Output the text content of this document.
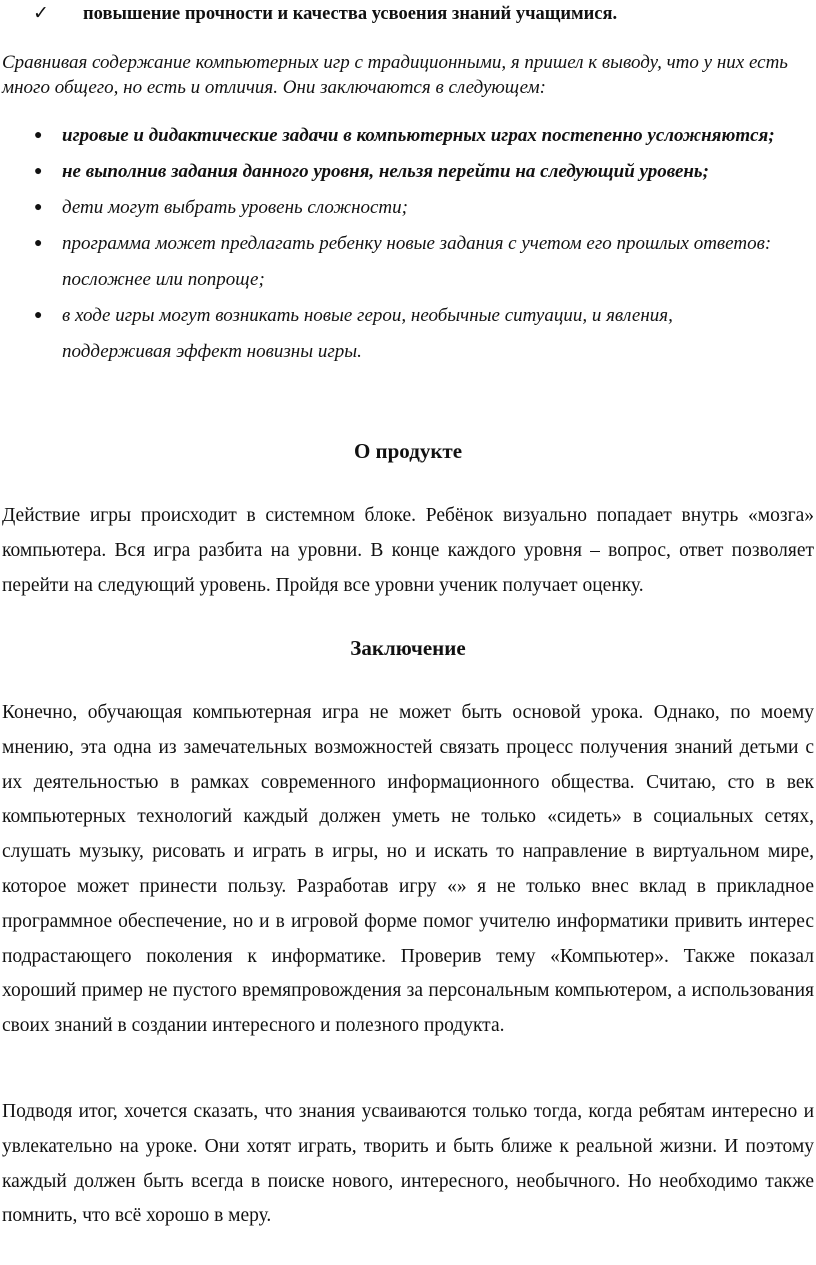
✓ повышение прочности и качества усвоения знаний учащимися.

Сравнивая содержание компьютерных игр с традиционными, я пришел к выводу, что у них есть много общего, но есть и отличия. Они заключаются в следующем:

● игровые и дидактические задачи в компьютерных играх постепенно усложняются;
● не выполнив задания данного уровня, нельзя перейти на следующий уровень;
● дети могут выбрать уровень сложности;
● программа может предлагать ребенку новые задания с учетом его прошлых ответов: посложнее или попроще;
● в ходе игры могут возникать новые герои, необычные ситуации, и явления, поддерживая эффект новизны игры.
О продукте

Действие игры происходит в системном блоке. Ребёнок визуально попадает внутрь «мозга» компьютера. Вся игра разбита на уровни. В конце каждого уровня – вопрос, ответ позволяет перейти на следующий уровень. Пройдя все уровни ученик получает оценку.

Заключение

Конечно, обучающая компьютерная игра не может быть основой урока. Однако, по моему мнению, эта одна из замечательных возможностей связать процесс получения знаний детьми с их деятельностью в рамках современного информационного общества. Считаю, сто в век компьютерных технологий каждый должен уметь не только «сидеть» в социальных сетях, слушать музыку, рисовать и играть в игры, но и искать то направление в виртуальном мире, которое может принести пользу. Разработав игру «» я не только внес вклад в прикладное программное обеспечение, но и в игровой форме помог учителю информатики привить интерес подрастающего поколения к информатике. Проверив тему «Компьютер». Также показал хороший пример не пустого времяпровождения за персональным компьютером, а использования своих знаний в создании интересного и полезного продукта.

Подводя итог, хочется сказать, что знания усваиваются только тогда, когда ребятам интересно и увлекательно на уроке. Они хотят играть, творить и быть ближе к реальной жизни. И поэтому каждый должен быть всегда в поиске нового, интересного, необычного. Но необходимо также помнить, что всё хорошо в меру.
